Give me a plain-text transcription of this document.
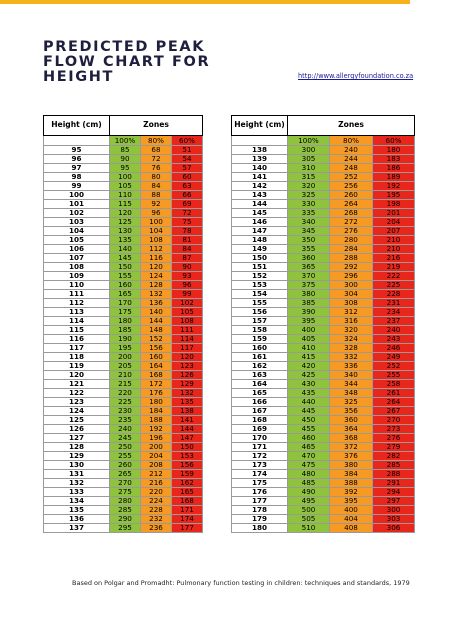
PREDICTED PEAK
FLOW CHART FOR
HEIGHT	http://www.allergyfoundation.co.za
Height (cm)	Zones				Height (cm)	Zones		
	100%	80%	60%			100%	80%	60%
95	85	68	51		138	300	240	180
96	90	72	54		139	305	244	183
97	95	76	57		140	310	248	186
98	100	80	60		141	315	252	189
99	105	84	63		142	320	256	192
100	110	88	66		143	325	260	195
101	115	92	69		144	330	264	198
102	120	96	72		145	335	268	201
103	125	100	75		146	340	272	204
104	130	104	78		147	345	276	207
105	135	108	81		148	350	280	210
106	140	112	84		149	355	284	210
107	145	116	87		150	360	288	216
108	150	120	90		151	365	292	219
109	155	124	93		152	370	296	222
110	160	128	96		153	375	300	225
111	165	132	99		154	380	304	228
112	170	136	102		155	385	308	231
113	175	140	105		156	390	312	234
114	180	144	108		157	395	316	237
115	185	148	111		158	400	320	240
116	190	152	114		159	405	324	243
117	195	156	117		160	410	328	246
118	200	160	120		161	415	332	249
119	205	164	123		162	420	336	252
120	210	168	126		163	425	340	255
121	215	172	129		164	430	344	258
122	220	176	132		165	435	348	261
123	225	180	135		166	440	325	264
124	230	184	138		167	445	356	267
125	235	188	141		168	450	360	270
126	240	192	144		169	455	364	273
127	245	196	147		170	460	368	276
128	250	200	150		171	465	372	279
129	255	204	153		172	470	376	282
130	260	208	156		173	475	380	285
131	265	212	159		174	480	384	288
132	270	216	162		175	485	388	291
133	275	220	165		176	490	392	294
134	280	224	168		177	495	395	297
135	285	228	171		178	500	400	300
136	290	232	174		179	505	404	303
137	295	236	177		180	510	408	306
Based on Polgar and Promadht: Pulmonary function testing in children: techniques and standards, 1979
